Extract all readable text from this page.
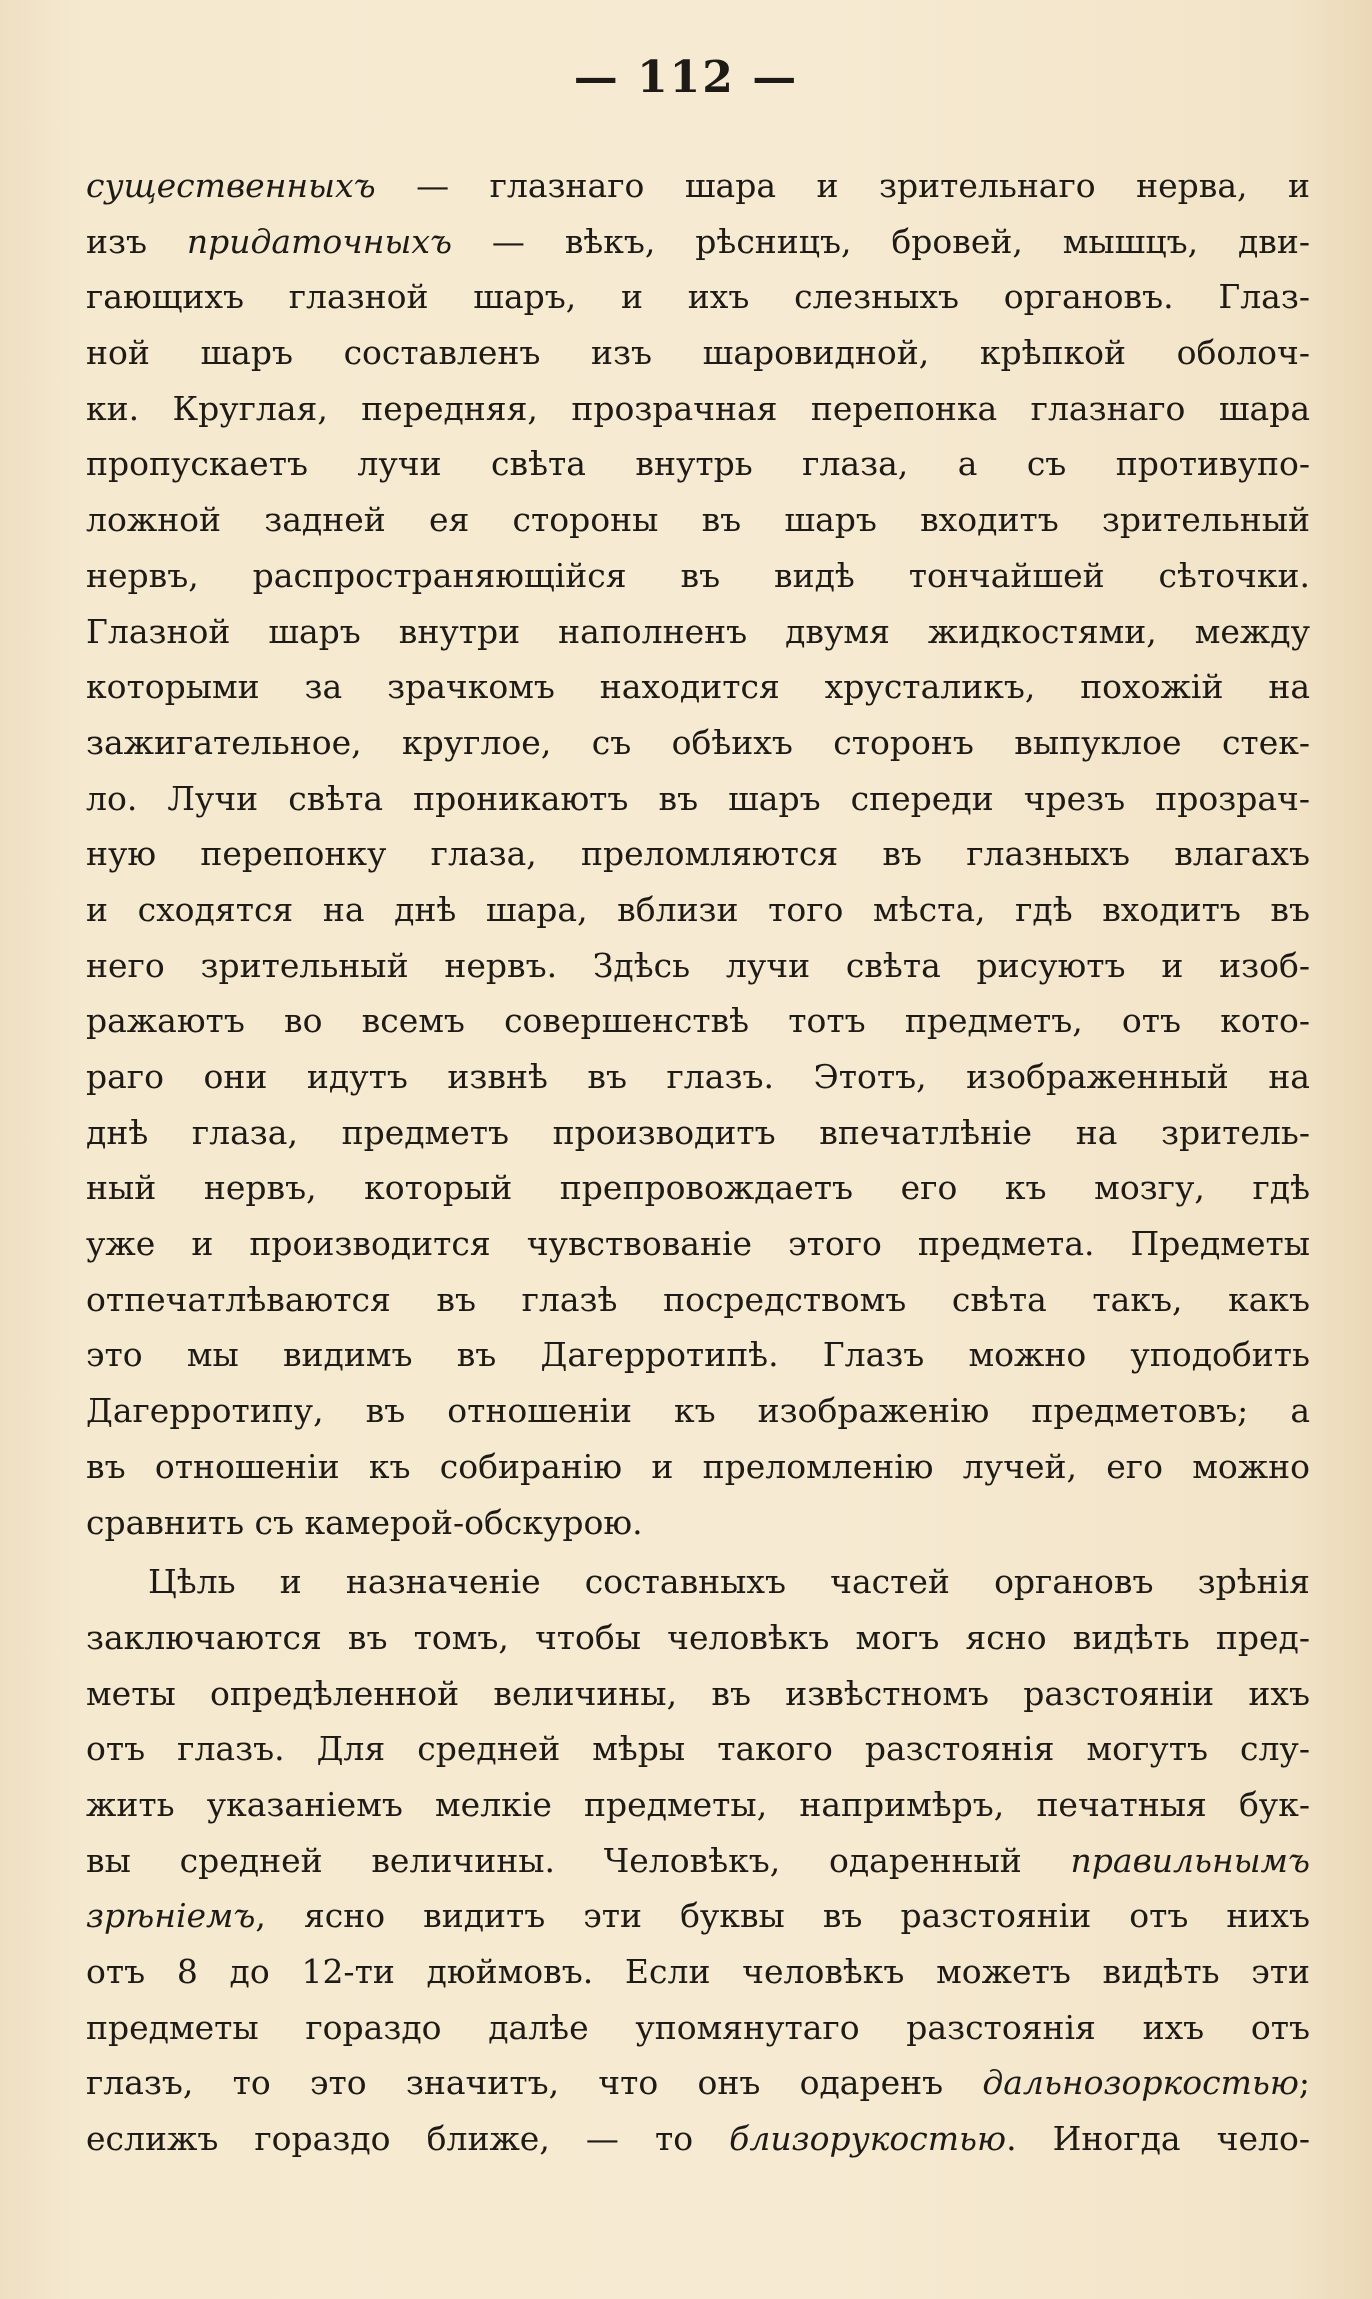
— 112 —
существенныхъ — глазнаго шара и зрительнаго нерва, и
изъ придаточныхъ — вѣкъ, рѣсницъ, бровей, мышцъ, дви-
гающихъ глазной шаръ, и ихъ слезныхъ органовъ. Глаз-
ной шаръ составленъ изъ шаровидной, крѣпкой оболоч-
ки. Круглая, передняя, прозрачная перепонка глазнаго шара
пропускаетъ лучи свѣта внутрь глаза, а съ противупо-
ложной задней ея стороны въ шаръ входитъ зрительный
нервъ, распространяющійся въ видѣ тончайшей сѣточки.
Глазной шаръ внутри наполненъ двумя жидкостями, между
которыми за зрачкомъ находится хрусталикъ, похожій на
зажигательное, круглое, съ обѣихъ сторонъ выпуклое стек-
ло. Лучи свѣта проникаютъ въ шаръ спереди чрезъ прозрач-
ную перепонку глаза, преломляются въ глазныхъ влагахъ
и сходятся на днѣ шара, вблизи того мѣста, гдѣ входитъ въ
него зрительный нервъ. Здѣсь лучи свѣта рисуютъ и изоб-
ражаютъ во всемъ совершенствѣ тотъ предметъ, отъ кото-
раго они идутъ извнѣ въ глазъ. Этотъ, изображенный на
днѣ глаза, предметъ производитъ впечатлѣніе на зритель-
ный нервъ, который препровождаетъ его къ мозгу, гдѣ
уже и производится чувствованіе этого предмета. Предметы
отпечатлѣваются въ глазѣ посредствомъ свѣта такъ, какъ
это мы видимъ въ Дагерротипѣ. Глазъ можно уподобить
Дагерротипу, въ отношеніи къ изображенію предметовъ; а
въ отношеніи къ собиранію и преломленію лучей, его можно
сравнить съ камерой-обскурою.
Цѣль и назначеніе составныхъ частей органовъ зрѣнія
заключаются въ томъ, чтобы человѣкъ могъ ясно видѣть пред-
меты опредѣленной величины, въ извѣстномъ разстояніи ихъ
отъ глазъ. Для средней мѣры такого разстоянія могутъ слу-
жить указаніемъ мелкіе предметы, напримѣръ, печатныя бук-
вы средней величины. Человѣкъ, одаренный правильнымъ
зрѣніемъ, ясно видитъ эти буквы въ разстояніи отъ нихъ
отъ 8 до 12-ти дюймовъ. Если человѣкъ можетъ видѣть эти
предметы гораздо далѣе упомянутаго разстоянія ихъ отъ
глазъ, то это значитъ, что онъ одаренъ дальнозоркостью;
еслижъ гораздо ближе, — то близорукостью. Иногда чело-
